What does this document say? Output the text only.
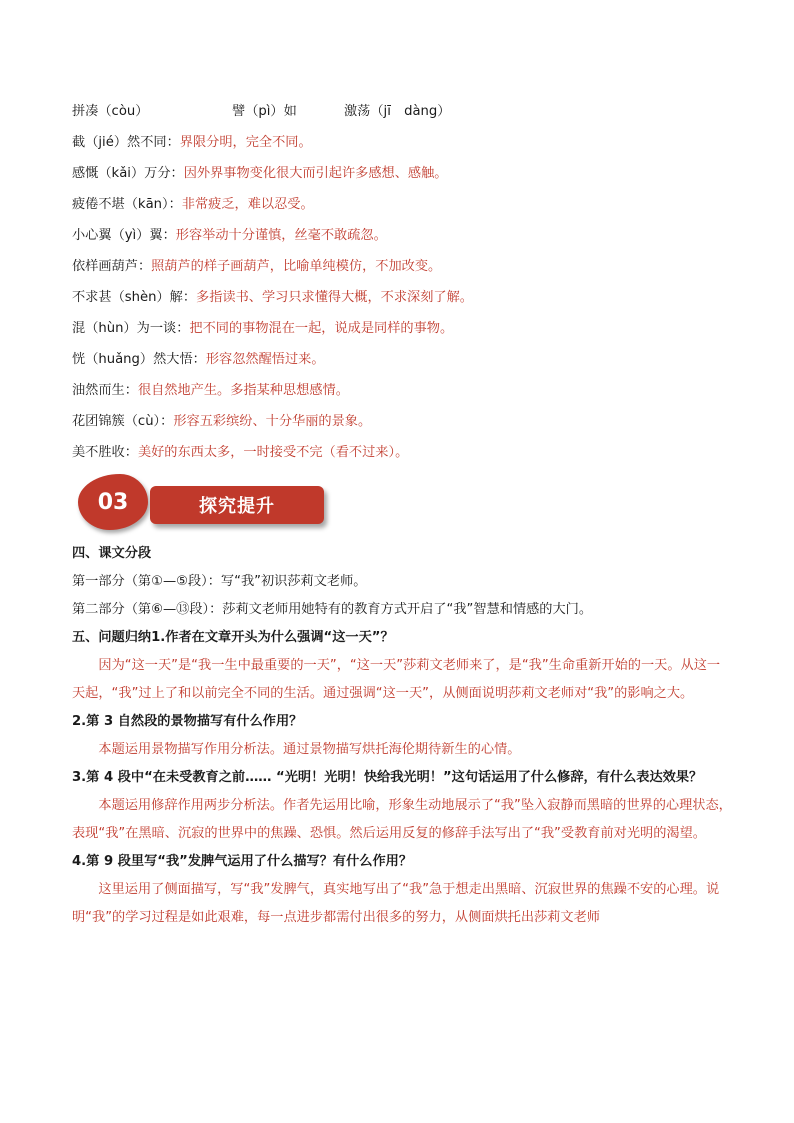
拼凑（còu）	譬（pì）如	激荡（jī　dàng）
截（jié）然不同：界限分明，完全不同。
感慨（kǎi）万分：因外界事物变化很大而引起许多感想、感触。
疲倦不堪（kān）：非常疲乏，难以忍受。
小心翼（yì）翼：形容举动十分谨慎，丝毫不敢疏忽。
依样画葫芦：照葫芦的样子画葫芦，比喻单纯模仿，不加改变。
不求甚（shèn）解：多指读书、学习只求懂得大概，不求深刻了解。
混（hùn）为一谈：把不同的事物混在一起，说成是同样的事物。
恍（huǎng）然大悟：形容忽然醒悟过来。
油然而生：很自然地产生。多指某种思想感情。
花团锦簇（cù）：形容五彩缤纷、十分华丽的景象。
美不胜收：美好的东西太多，一时接受不完（看不过来）。
03	探究提升

四、课文分段

第一部分（第①—⑤段）：写“我”初识莎莉文老师。

第二部分（第⑥—⑬段）：莎莉文老师用她特有的教育方式开启了“我”智慧和情感的大门。

五、问题归纳1.作者在文章开头为什么强调“这一天”？

因为“这一天”是“我一生中最重要的一天”，“这一天”莎莉文老师来了，是“我”生命重新开始的一天。从这一天起，“我”过上了和以前完全不同的生活。通过强调“这一天”，从侧面说明莎莉文老师对“我”的影响之大。

2.第 3 自然段的景物描写有什么作用？

本题运用景物描写作用分析法。通过景物描写烘托海伦期待新生的心情。

3.第 4 段中“在未受教育之前…… “光明！光明！快给我光明！”这句话运用了什么修辞，有什么表达效果？

本题运用修辞作用两步分析法。作者先运用比喻，形象生动地展示了“我”坠入寂静而黑暗的世界的心理状态，表现“我”在黑暗、沉寂的世界中的焦躁、恐惧。然后运用反复的修辞手法写出了“我”受教育前对光明的渴望。

4.第 9 段里写“我”发脾气运用了什么描写？有什么作用？

这里运用了侧面描写，写“我”发脾气，真实地写出了“我”急于想走出黑暗、沉寂世界的焦躁不安的心理。说明“我”的学习过程是如此艰难，每一点进步都需付出很多的努力，从侧面烘托出莎莉文老师
